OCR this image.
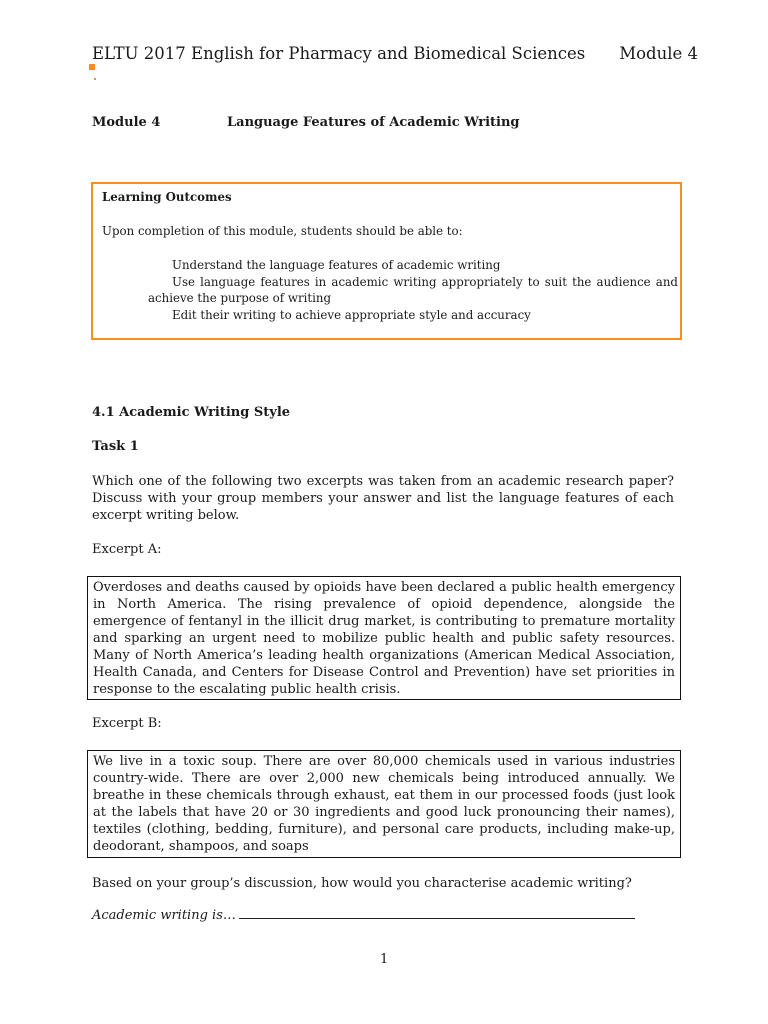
ELTU 2017 English for Pharmacy and Biomedical Sciences Module 4
Module 4	Language Features of Academic Writing
Learning Outcomes
Upon completion of this module, students should be able to:
Understand the language features of academic writing
Use language features in academic writing appropriately to suit the audience and achieve the purpose of writing
Edit their writing to achieve appropriate style and accuracy
4.1 Academic Writing Style
Task 1
Which one of the following two excerpts was taken from an academic research paper? Discuss with your group members your answer and list the language features of each excerpt writing below.
Excerpt A:
Overdoses and deaths caused by opioids have been declared a public health emergency in North America. The rising prevalence of opioid dependence, alongside the emergence of fentanyl in the illicit drug market, is contributing to premature mortality and sparking an urgent need to mobilize public health and public safety resources. Many of North America’s leading health organizations (American Medical Association, Health Canada, and Centers for Disease Control and Prevention) have set priorities in response to the escalating public health crisis.
Excerpt B:
We live in a toxic soup. There are over 80,000 chemicals used in various industries country-wide. There are over 2,000 new chemicals being introduced annually. We breathe in these chemicals through exhaust, eat them in our processed foods (just look at the labels that have 20 or 30 ingredients and good luck pronouncing their names), textiles (clothing, bedding, furniture), and personal care products, including make-up, deodorant, shampoos, and soaps
Based on your group’s discussion, how would you characterise academic writing?
Academic writing is…
1
